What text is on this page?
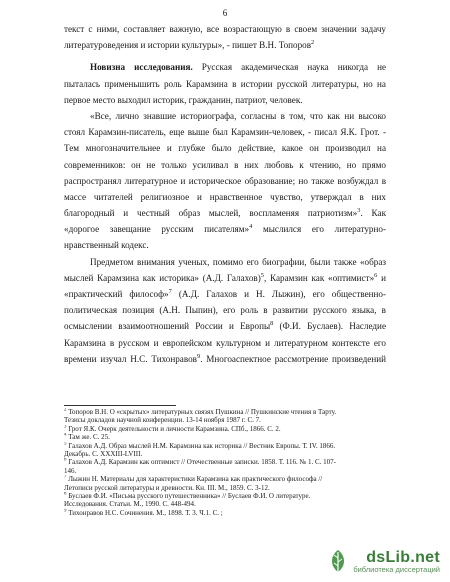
6
текст с ними, составляет важную, все возрастающую в своем значении задачу
литературоведения и истории культуры», - пишет В.Н. Топоров$^2$
Новизна исследования. Русская академическая наука никогда не
пыталась применышить роль Карамзина в истории русской литературы, но на
первое место выходил историк, гражданин, патриот, человек.
«Все, лично знавшие историографа, согласны в том, что как ни высоко
стоял Карамзин-писатель, еще выше был Карамзин-человек, - писал Я.К. Грот. -
Тем многозначительнее и глубже было действие, какое он производил на
современников: он не только усиливал в них любовь к чтению, но прямо
распространял литературное и историческое образование; но также возбуждал в
массе читателей религиозное и нравственное чувство, утверждал в них
благородный и честный образ мыслей, воспламеняя патриотизм»$^3$. Как
«дорогое завещание русским писателям»$^4$ мыслился его литературно-
нравственный кодекс.
Предметом внимания ученых, помимо его биографии, были также «образ
мыслей Карамзина как историка» (А.Д. Галахов)$^5$, Карамзин как «оптимист»$^6$ и
«практический философ»$^7$ (А.Д. Галахов и Н. Лыжин), его общественно-
политическая позиция (А.Н. Пыпин), его роль в развитии русского языка, в
осмыслении взаимоотношений России и Европы$^8$ (Ф.И. Буслаев). Наследие
Карамзина в русском и европейском культурном и литературном контексте его
времени изучал Н.С. Тихонравов$^9$. Многоаспектное рассмотрение произведений
$^2$ Топоров В.Н. О «скрытых» литературных связях Пушкина // Пушкинские чтения в Тарту.
Тезисы докладов научной конференции. 13-14 ноября 1987 г. С. 7.
$^3$ Грот Я.К. Очерк деятельности и личности Карамзина. СПб., 1866. С. 2.
$^4$ Там же. С. 25.
$^5$ Галахов А.Д. Образ мыслей Н.М. Карамзина как историка // Вестник Европы. Т. IV. 1866.
Декабрь. С. XXXIII-LVIII.
$^6$ Галахов А.Д. Карамзин как оптимист // Отечественные записки. 1858. Т. 116. № 1. С. 107-
146.
$^7$ Лыжин Н. Материалы для характеристики Карамзина как практического философа //
Летописи русской литературы и древности. Кн. III. М., 1859. С. 3-12.
$^8$ Буслаев Ф.И. «Письма русского путешественника» // Буслаев Ф.И. О литературе.
Исследования. Статьи. М., 1990. С. 448-494.
$^9$ Тихонравов Н.С. Сочинения. М., 1898. Т. 3. Ч.1. С. ;
dsLib.net
библиотека диссертаций
